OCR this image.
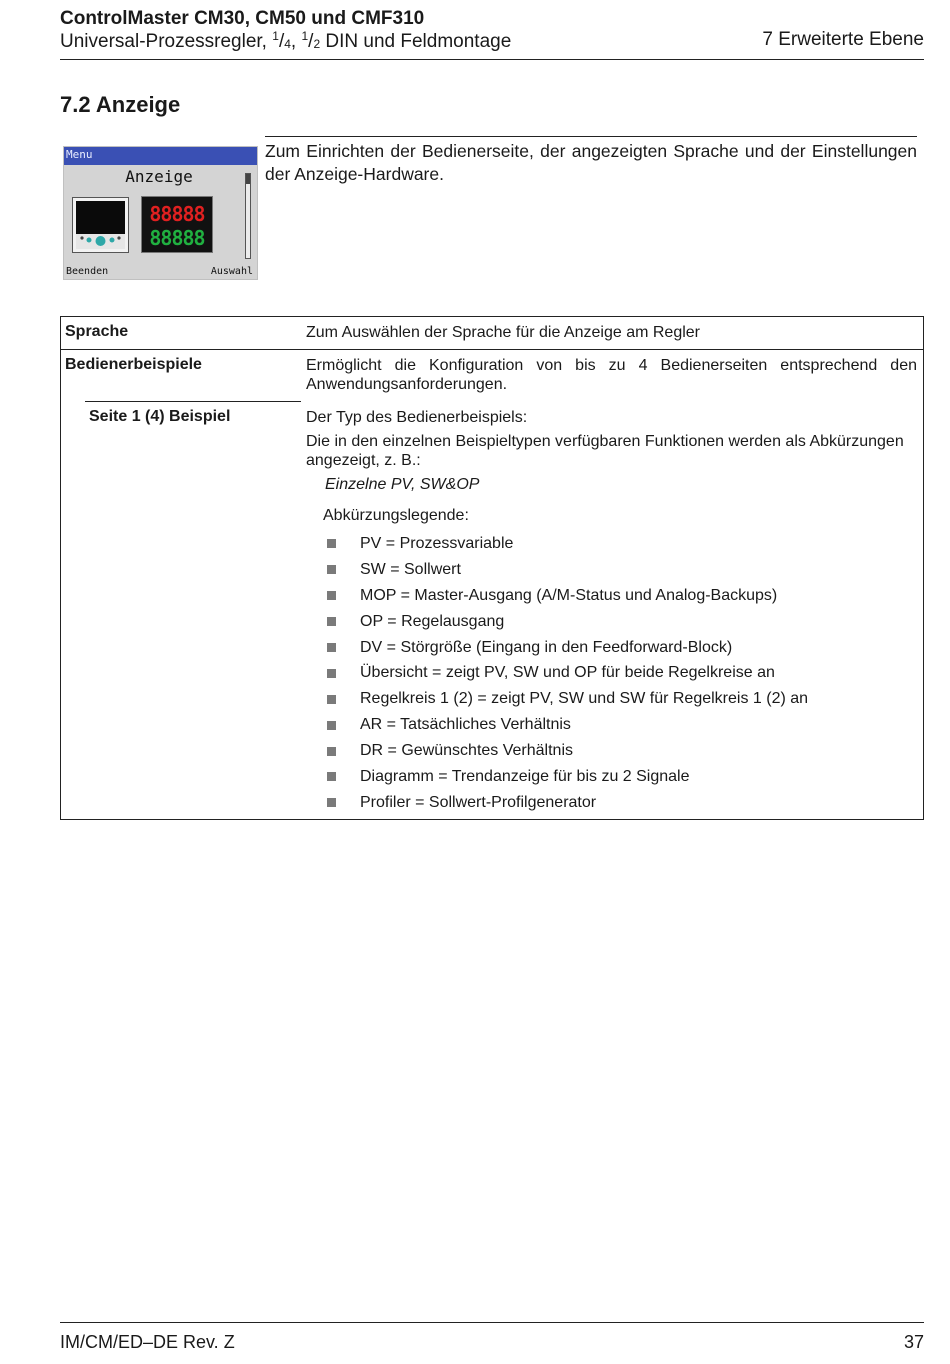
ControlMaster CM30, CM50 und CMF310
Universal-Prozessregler, $^1/_4$, $^1/_2$ DIN und Feldmontage	7 Erweiterte Ebene
7.2 Anzeige
Menu
Anzeige
88888
88888
Beenden	Auswahl
Zum Einrichten der Bedienerseite, der angezeigten Sprache und der Einstellungen der Anzeige-Hardware.
Sprache	Zum Auswählen der Sprache für die Anzeige am Regler
Bedienerbeispiele	Ermöglicht die Konfiguration von bis zu 4 Bedienerseiten entsprechend den Anwendungsanforderungen.
Seite 1 (4) Beispiel	Der Typ des Bedienerbeispiels:
Die in den einzelnen Beispieltypen verfügbaren Funktionen werden als Abkürzungen angezeigt, z. B.:
Einzelne PV, SW&OP
Abkürzungslegende:
PV = Prozessvariable
SW = Sollwert
MOP = Master-Ausgang (A/M-Status und Analog-Backups)
OP = Regelausgang
DV = Störgröße (Eingang in den Feedforward-Block)
Übersicht = zeigt PV, SW und OP für beide Regelkreise an
Regelkreis 1 (2) = zeigt PV, SW und SW für Regelkreis 1 (2) an
AR = Tatsächliches Verhältnis
DR = Gewünschtes Verhältnis
Diagramm = Trendanzeige für bis zu 2 Signale
Profiler = Sollwert-Profilgenerator
IM/CM/ED–DE Rev. Z	37
